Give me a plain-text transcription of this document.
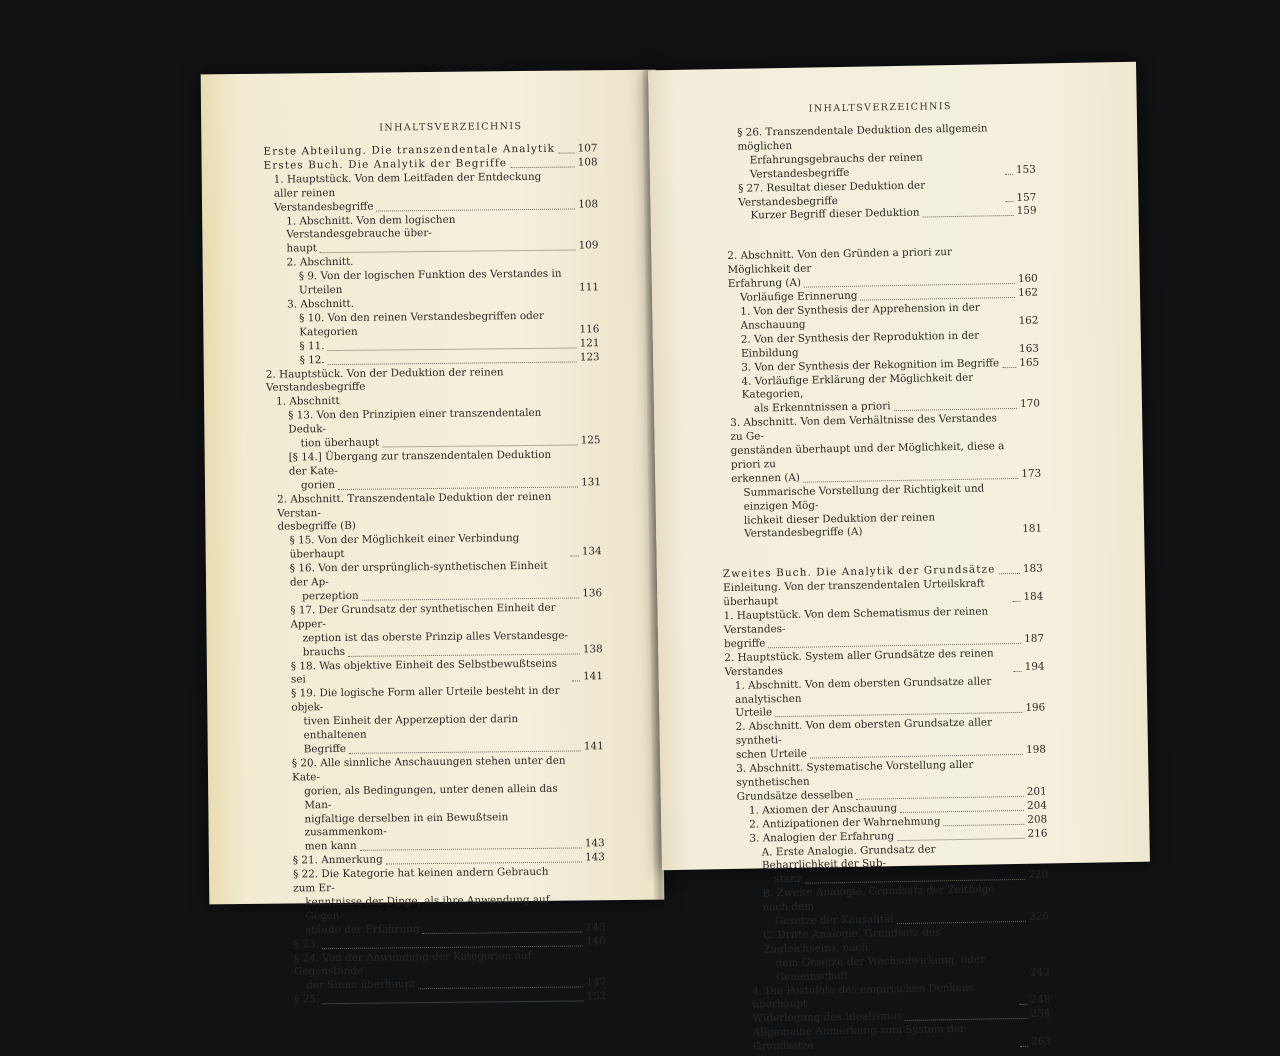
INHALTSVERZEICHNIS
Erste Abteilung. Die transzendentale Analytik 107
Erstes Buch. Die Analytik der Begriffe	108
1. Hauptstück. Von dem Leitfaden der Entdeckung aller reinen
Verstandesbegriffe	108
1. Abschnitt. Von dem logischen Verstandesgebrauche über-
haupt	109
2. Abschnitt.
§ 9. Von der logischen Funktion des Verstandes in Urteilen	111
3. Abschnitt.
§ 10. Von den reinen Verstandesbegriffen oder Kategorien	116
§ 11.	121
§ 12.	123
2. Hauptstück. Von der Deduktion der reinen Verstandesbegriffe
1. Abschnitt
§ 13. Von den Prinzipien einer transzendentalen Deduk-
tion überhaupt	125
[§ 14.] Übergang zur transzendentalen Deduktion der Kate-
gorien	131
2. Abschnitt. Transzendentale Deduktion der reinen Verstan-
desbegriffe (B)
§ 15. Von der Möglichkeit einer Verbindung überhaupt	134
§ 16. Von der ursprünglich-synthetischen Einheit der Ap-
perzeption	136
§ 17. Der Grundsatz der synthetischen Einheit der Apper-
zeption ist das oberste Prinzip alles Verstandesge-
brauchs	138
§ 18. Was objektive Einheit des Selbstbewußtseins sei	141
§ 19. Die logische Form aller Urteile besteht in der objek-
tiven Einheit der Apperzeption der darin enthaltenen
Begriffe	141
§ 20. Alle sinnliche Anschauungen stehen unter den Kate-
gorien, als Bedingungen, unter denen allein das Man-
nigfaltige derselben in ein Bewußtsein zusammenkom-
men kann	143
§ 21. Anmerkung	143
§ 22. Die Kategorie hat keinen andern Gebrauch zum Er-
kenntnisse der Dinge, als ihre Anwendung auf Gegen-
stände der Erfahrung	145
§ 23.	146
§ 24. Von der Anwendung der Kategorien auf Gegenstände
der Sinne überhaupt	147
§ 25.	152
INHALTSVERZEICHNIS
§ 26. Transzendentale Deduktion des allgemein möglichen
Erfahrungsgebrauchs der reinen Verstandesbegriffe	153
§ 27. Resultat dieser Deduktion der Verstandesbegriffe	157
Kurzer Begriff dieser Deduktion	159
2. Abschnitt. Von den Gründen a priori zur Möglichkeit der
Erfahrung (A)	160
Vorläufige Erinnerung	162
1. Von der Synthesis der Apprehension in der Anschauung	162
2. Von der Synthesis der Reproduktion in der Einbildung	163
3. Von der Synthesis der Rekognition im Begriffe 165
4. Vorläufige Erklärung der Möglichkeit der Kategorien,
als Erkenntnissen a priori	170
3. Abschnitt. Von dem Verhältnisse des Verstandes zu Ge-
genständen überhaupt und der Möglichkeit, diese a priori zu
erkennen (A)	173
Summarische Vorstellung der Richtigkeit und einzigen Mög-
lichkeit dieser Deduktion der reinen Verstandesbegriffe (A)	181
Zweites Buch. Die Analytik der Grundsätze	183
Einleitung. Von der transzendentalen Urteilskraft überhaupt	184
1. Hauptstück. Von dem Schematismus der reinen Verstandes-
begriffe	187
2. Hauptstück. System aller Grundsätze des reinen Verstandes	194
1. Abschnitt. Von dem obersten Grundsatze aller analytischen
Urteile	196
2. Abschnitt. Von dem obersten Grundsatze aller syntheti-
schen Urteile	198
3. Abschnitt. Systematische Vorstellung aller synthetischen
Grundsätze desselben	201
1. Axiomen der Anschauung	204
2. Antizipationen der Wahrnehmung	208
3. Analogien der Erfahrung	216
A. Erste Analogie. Grundsatz der Beharrlichkeit der Sub-
stanz	220
B. Zweite Analogie. Grundsatz der Zeitfolge nach dem
Gesetze der Kausalität	226
C. Dritte Analogie. Grundsatz des Zugleichseins, nach
dem Gesetze der Wechselwirkung, oder Gemeinschaft	242
4. Die Postulate des empirischen Denkens überhaupt	248
Widerlegung des Idealismus	254
Allgemeine Anmerkung zum System der Grundsätze	263
